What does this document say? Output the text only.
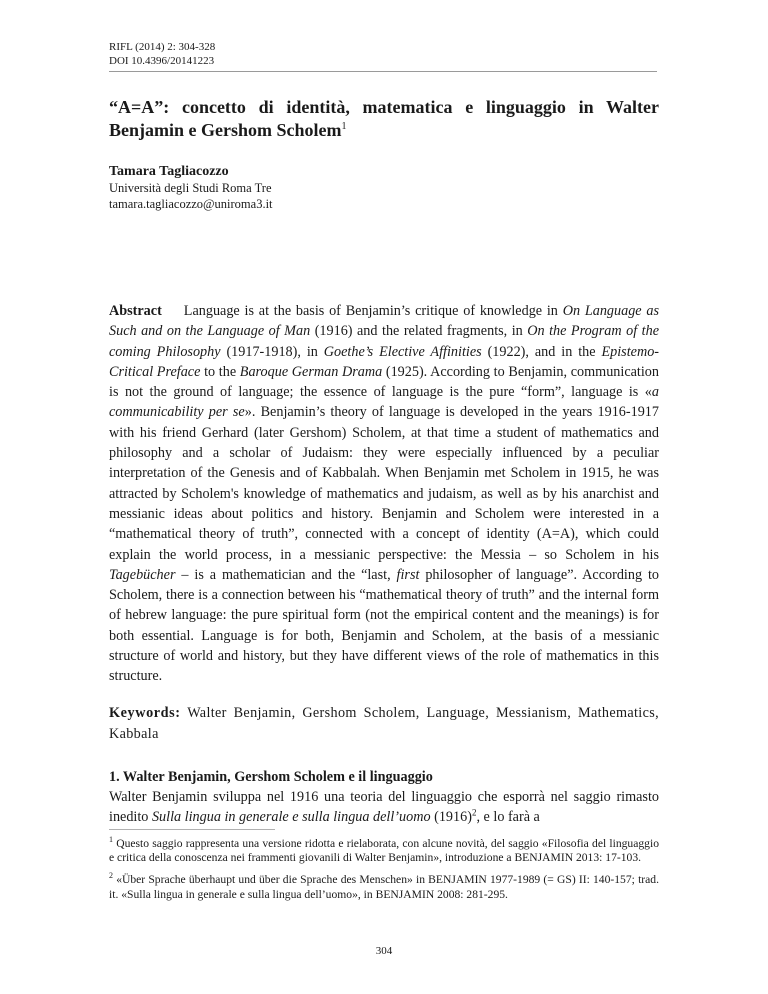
RIFL (2014) 2: 304-328
DOI 10.4396/20141223
“A=A”: concetto di identità, matematica e linguaggio in Walter Benjamin e Gershom Scholem$^1$
Tamara Tagliacozzo
Università degli Studi Roma Tre
tamara.tagliacozzo@uniroma3.it
Abstract Language is at the basis of Benjamin’s critique of knowledge in On Language as Such and on the Language of Man (1916) and the related fragments, in On the Program of the coming Philosophy (1917-1918), in Goethe’s Elective Affinities (1922), and in the Epistemo-Critical Preface to the Baroque German Drama (1925). According to Benjamin, communication is not the ground of language; the essence of language is the pure “form”, language is «a communicability per se». Benjamin’s theory of language is developed in the years 1916-1917 with his friend Gerhard (later Gershom) Scholem, at that time a student of mathematics and philosophy and a scholar of Judaism: they were especially influenced by a peculiar interpretation of the Genesis and of Kabbalah. When Benjamin met Scholem in 1915, he was attracted by Scholem's knowledge of mathematics and judaism, as well as by his anarchist and messianic ideas about politics and history. Benjamin and Scholem were interested in a “mathematical theory of truth”, connected with a concept of identity (A=A), which could explain the world process, in a messianic perspective: the Messia – so Scholem in his Tagebücher – is a mathematician and the “last, first philosopher of language”. According to Scholem, there is a connection between his “mathematical theory of truth” and the internal form of hebrew language: the pure spiritual form (not the empirical content and the meanings) is for both essential. Language is for both, Benjamin and Scholem, at the basis of a messianic structure of world and history, but they have different views of the role of mathematics in this structure.
Keywords: Walter Benjamin, Gershom Scholem, Language, Messianism, Mathematics, Kabbala
1. Walter Benjamin, Gershom Scholem e il linguaggio
Walter Benjamin sviluppa nel 1916 una teoria del linguaggio che esporrà nel saggio rimasto inedito Sulla lingua in generale e sulla lingua dell’uomo $(1916)^2$, e lo farà a
$^1$ Questo saggio rappresenta una versione ridotta e rielaborata, con alcune novità, del saggio «Filosofia del linguaggio e critica della conoscenza nei frammenti giovanili di Walter Benjamin», introduzione a BENJAMIN 2013: 17-103.
$^2$ «Über Sprache überhaupt und über die Sprache des Menschen» in BENJAMIN 1977-1989 (= GS) II: 140-157; trad. it. «Sulla lingua in generale e sulla lingua dell’uomo», in BENJAMIN 2008: 281-295.
304
